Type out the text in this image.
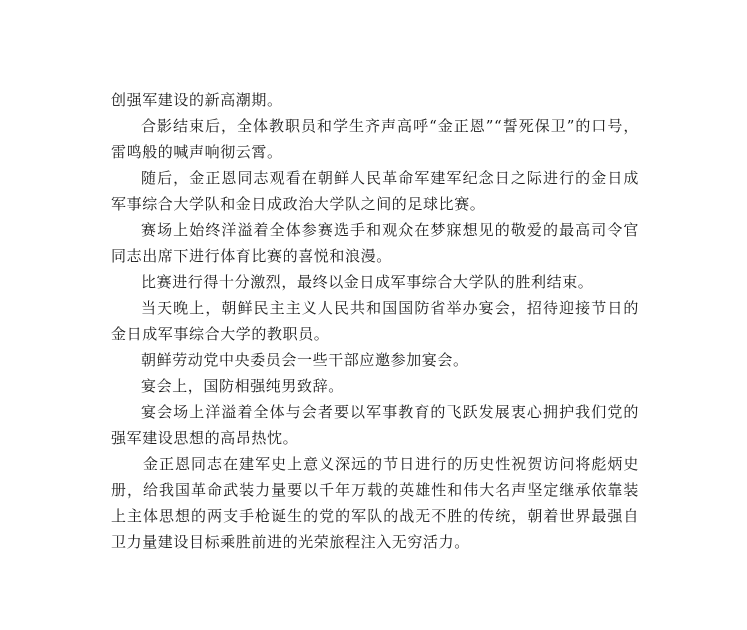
创强军建设的新高潮期。

合影结束后，全体教职员和学生齐声高呼“金正恩”“誓死保卫”的口号，雷鸣般的喊声响彻云霄。

随后，金正恩同志观看在朝鲜人民革命军建军纪念日之际进行的金日成军事综合大学队和金日成政治大学队之间的足球比赛。

赛场上始终洋溢着全体参赛选手和观众在梦寐想见的敬爱的最高司令官同志出席下进行体育比赛的喜悦和浪漫。

比赛进行得十分激烈，最终以金日成军事综合大学队的胜利结束。

当天晚上，朝鲜民主主义人民共和国国防省举办宴会，招待迎接节日的金日成军事综合大学的教职员。

朝鲜劳动党中央委员会一些干部应邀参加宴会。

宴会上，国防相强纯男致辞。

宴会场上洋溢着全体与会者要以军事教育的飞跃发展衷心拥护我们党的强军建设思想的高昂热忱。

金正恩同志在建军史上意义深远的节日进行的历史性祝贺访问将彪炳史册，给我国革命武装力量要以千年万载的英雄性和伟大名声坚定继承依靠装上主体思想的两支手枪诞生的党的军队的战无不胜的传统，朝着世界最强自卫力量建设目标乘胜前进的光荣旅程注入无穷活力。
